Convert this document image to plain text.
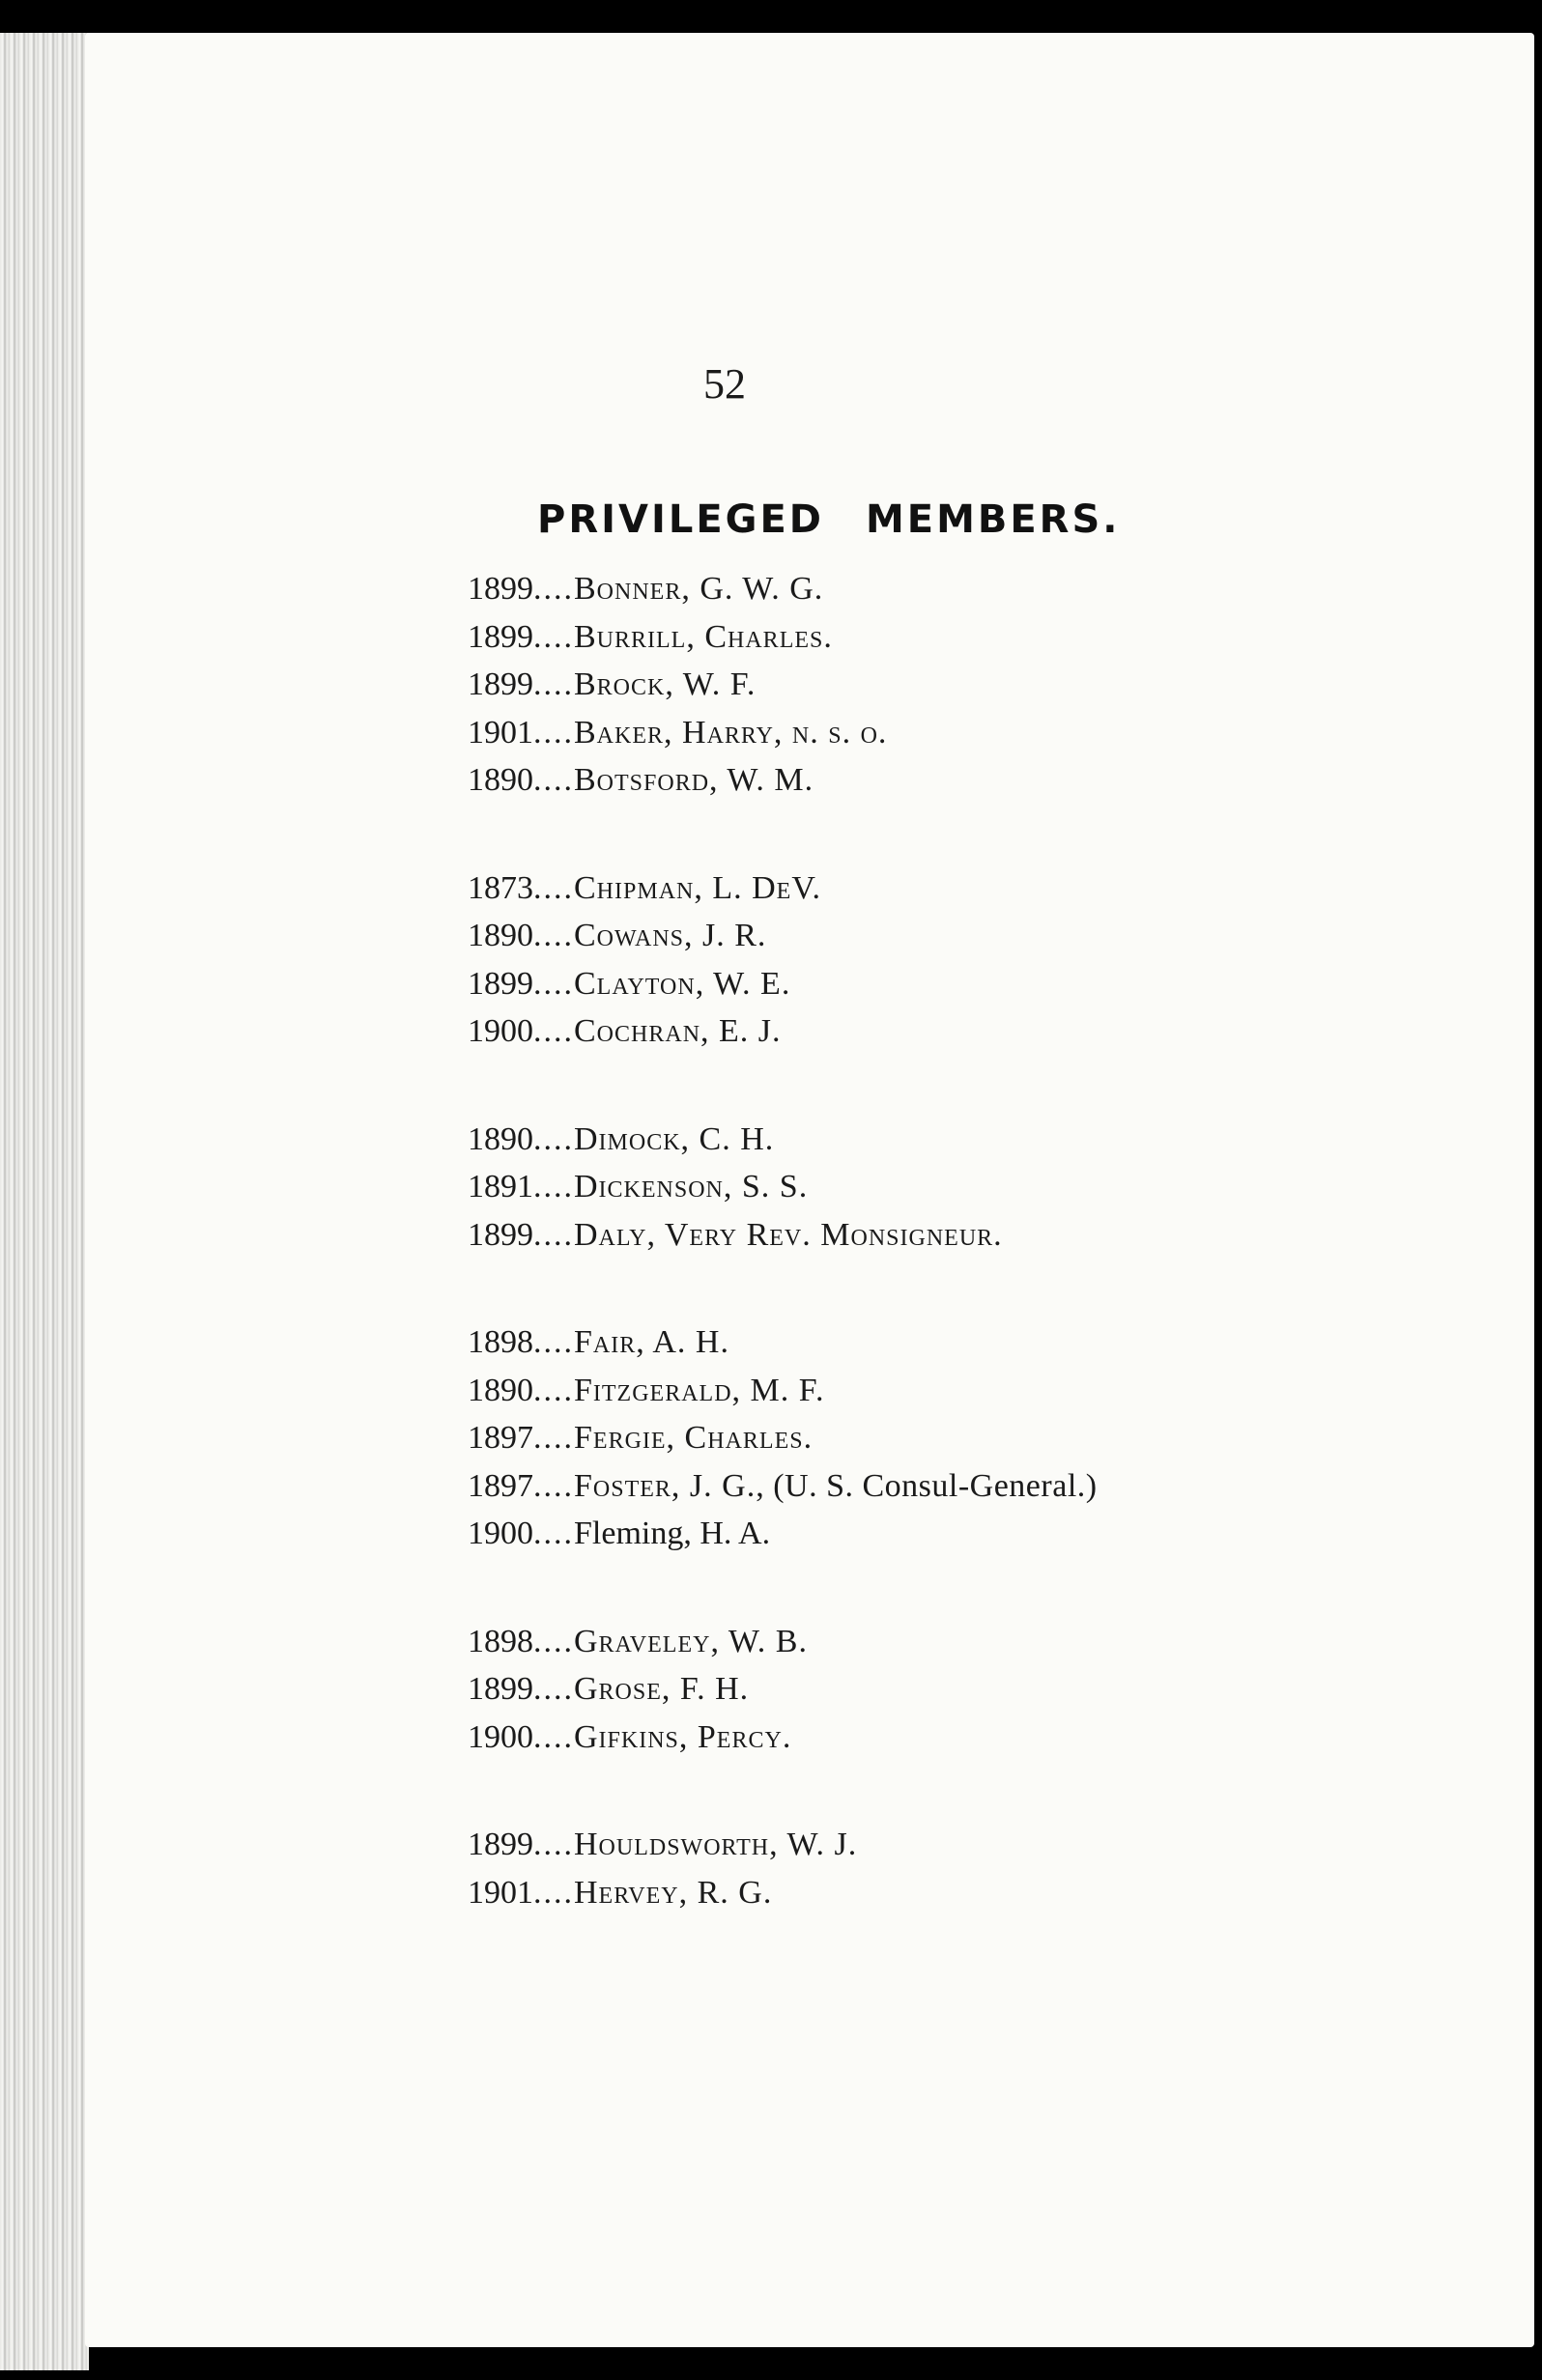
52
PRIVILEGED MEMBERS.
1899....Bonner, G. W. G.
1899....Burrill, Charles.
1899....Brock, W. F.
1901....Baker, Harry, n. s. o.
1890....Botsford, W. M.
1873....Chipman, L. DeV.
1890....Cowans, J. R.
1899....Clayton, W. E.
1900....Cochran, E. J.
1890....Dimock, C. H.
1891....Dickenson, S. S.
1899....Daly, Very Rev. Monsigneur.
1898....Fair, A. H.
1890....Fitzgerald, M. F.
1897....Fergie, Charles.
1897....Foster, J. G., (U. S. Consul-General.)
1900....Fleming, H. A.
1898....Graveley, W. B.
1899....Grose, F. H.
1900....Gifkins, Percy.
1899....Houldsworth, W. J.
1901....Hervey, R. G.
